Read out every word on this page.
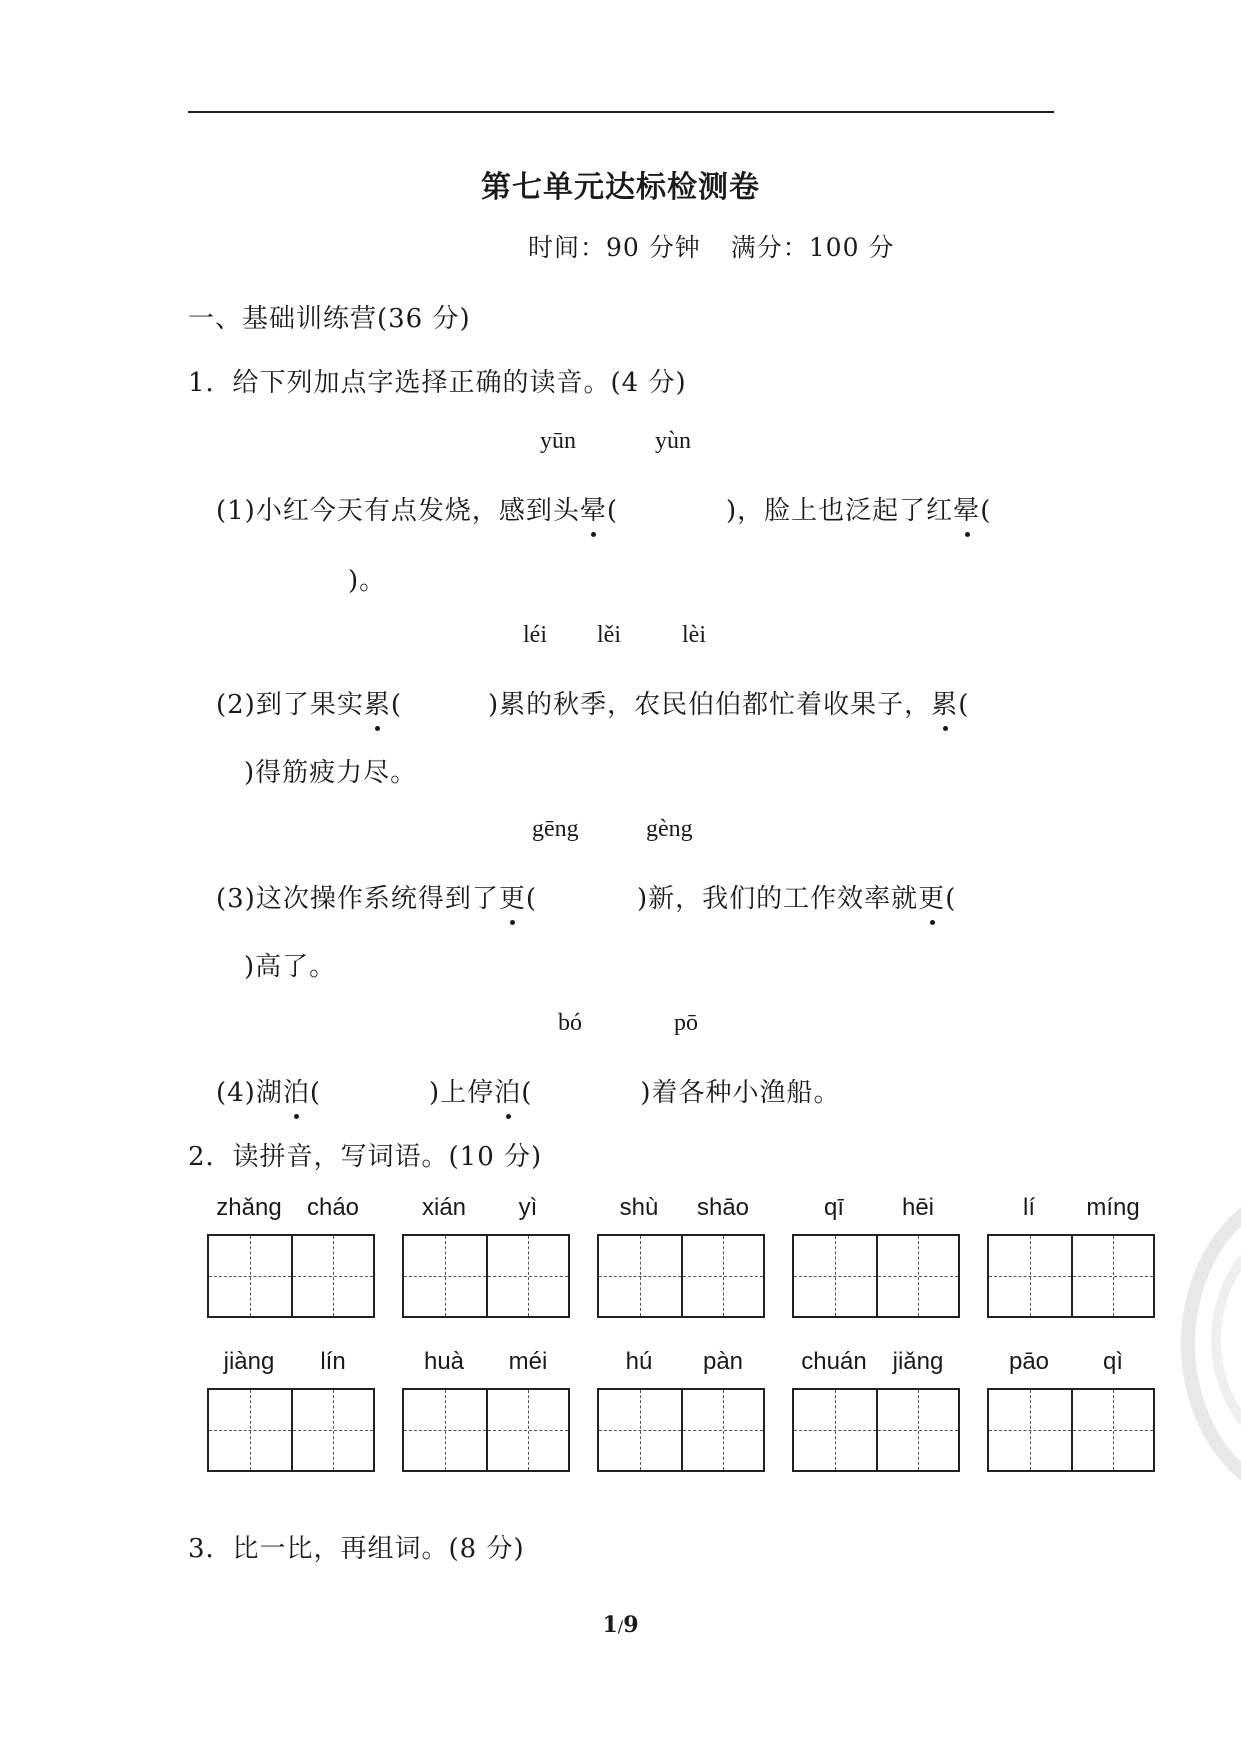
第七单元达标检测卷
时间：90 分钟 满分：100 分
一、基础训练营(36 分)
1．给下列加点字选择正确的读音。(4 分)
yūn	yùn
(1)小红今天有点发烧，感到头晕(	)，脸上也泛起了红晕(
)。
léi lěi	lèi
(2)到了果实累(	)累的秋季，农民伯伯都忙着收果子，累(
)得筋疲力尽。
gēng	gèng
(3)这次操作系统得到了更(	)新，我们的工作效率就更(
)高了。
bó	pō
(4)湖泊(	)上停泊(	)着各种小渔船。
2．读拼音，写词语。(10 分)
zhǎng cháo	xián yì	shù shāo	qī hēi	lí míng
jiàng lín	huà méi	hú pàn chuán jiǎng	pāo qì
3．比一比，再组词。(8 分)
1/9
